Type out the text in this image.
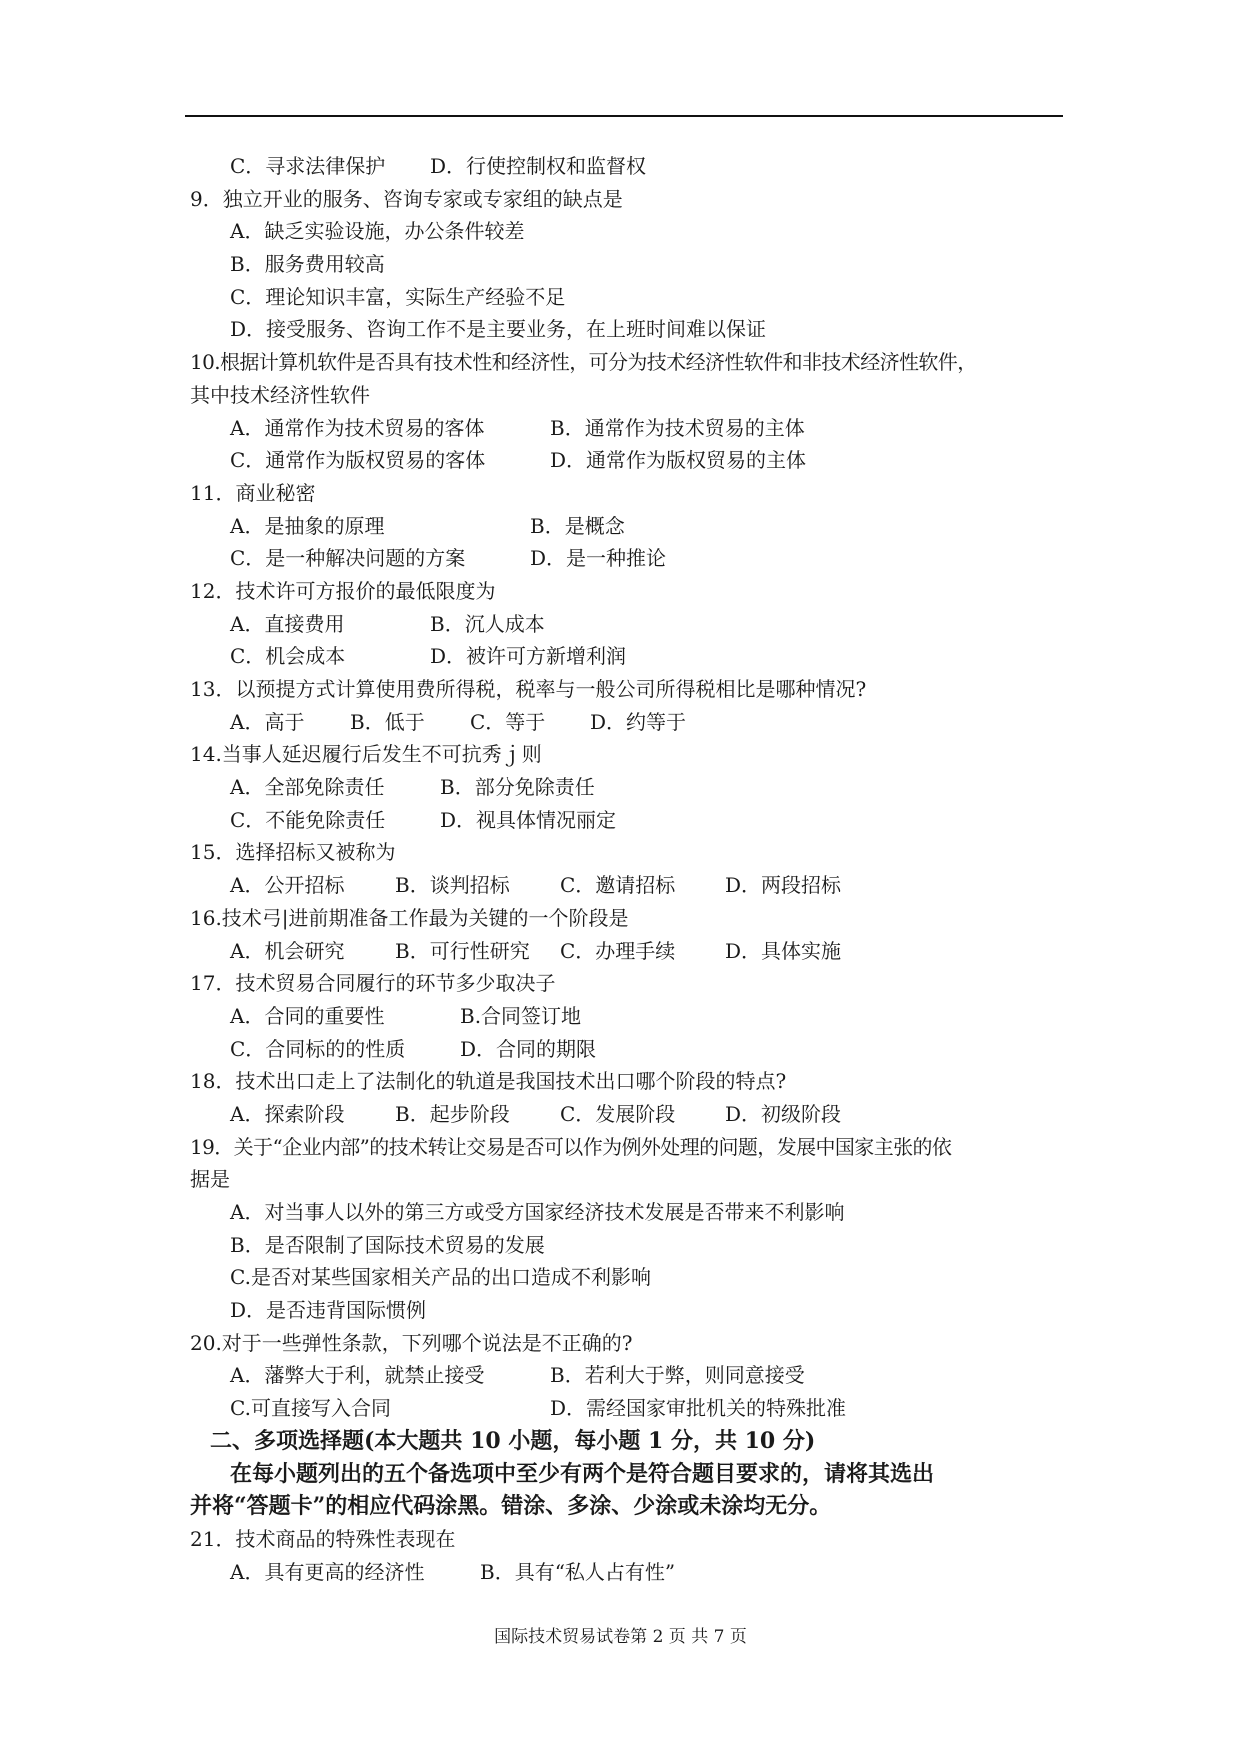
C．寻求法律保护 D．行使控制权和监督权
9．独立开业的服务、咨询专家或专家组的缺点是
A．缺乏实验设施，办公条件较差
B．服务费用较高
C．理论知识丰富，实际生产经验不足
D．接受服务、咨询工作不是主要业务，在上班时间难以保证
10.根据计算机软件是否具有技术性和经济性，可分为技术经济性软件和非技术经济性软件，
其中技术经济性软件
A．通常作为技术贸易的客体	B．通常作为技术贸易的主体
C．通常作为版权贸易的客体	D．通常作为版权贸易的主体
11．商业秘密
A．是抽象的原理	B．是概念
C．是一种解决问题的方案	D．是一种推论
12．技术许可方报价的最低限度为
A．直接费用	B．沉人成本
C．机会成本	D．被许可方新增利润
13．以预提方式计算使用费所得税，税率与一般公司所得税相比是哪种情况?
A．高于 B．低于 C．等于 D．约等于
14.当事人延迟履行后发生不可抗秀ｊ则
A．全部免除责任	B．部分免除责任
C．不能免除责任	D．视具体情况丽定
15．选择招标又被称为
A．公开招标	B．谈判招标	C．邀请招标 D．两段招标
16.技术弓|进前期准备工作最为关键的一个阶段是
A．机会研究	B．可行性研究 C．办理手续 D．具体实施
17．技术贸易合同履行的环节多少取决子
A．合同的重要性	B.合同签订地
C．合同标的的性质	D．合同的期限
18．技术出口走上了法制化的轨道是我国技术出口哪个阶段的特点?
A．探索阶段	B．起步阶段	C．发展阶段 D．初级阶段
19．关于“企业内部”的技术转让交易是否可以作为例外处理的问题，发展中国家主张的依
据是
A．对当事人以外的第三方或受方国家经济技术发展是否带来不利影响
B．是否限制了国际技术贸易的发展
C.是否对某些国家相关产品的出口造成不利影响
D．是否违背国际惯例
20.对于一些弹性条款，下列哪个说法是不正确的?
A．藩弊大于利，就禁止接受	B．若利大于弊，则同意接受
C.可直接写入合同	D．需经国家审批机关的特殊批准
二、多项选择题(本大题共 10 小题，每小题 1 分，共 10 分)
在每小题列出的五个备选项中至少有两个是符合题目要求的，请将其选出
并将“答题卡”的相应代码涂黑。错涂、多涂、少涂或未涂均无分。
21．技术商品的特殊性表现在
A．具有更高的经济性	B．具有“私人占有性”
国际技术贸易试卷第 2 页 共 7 页
